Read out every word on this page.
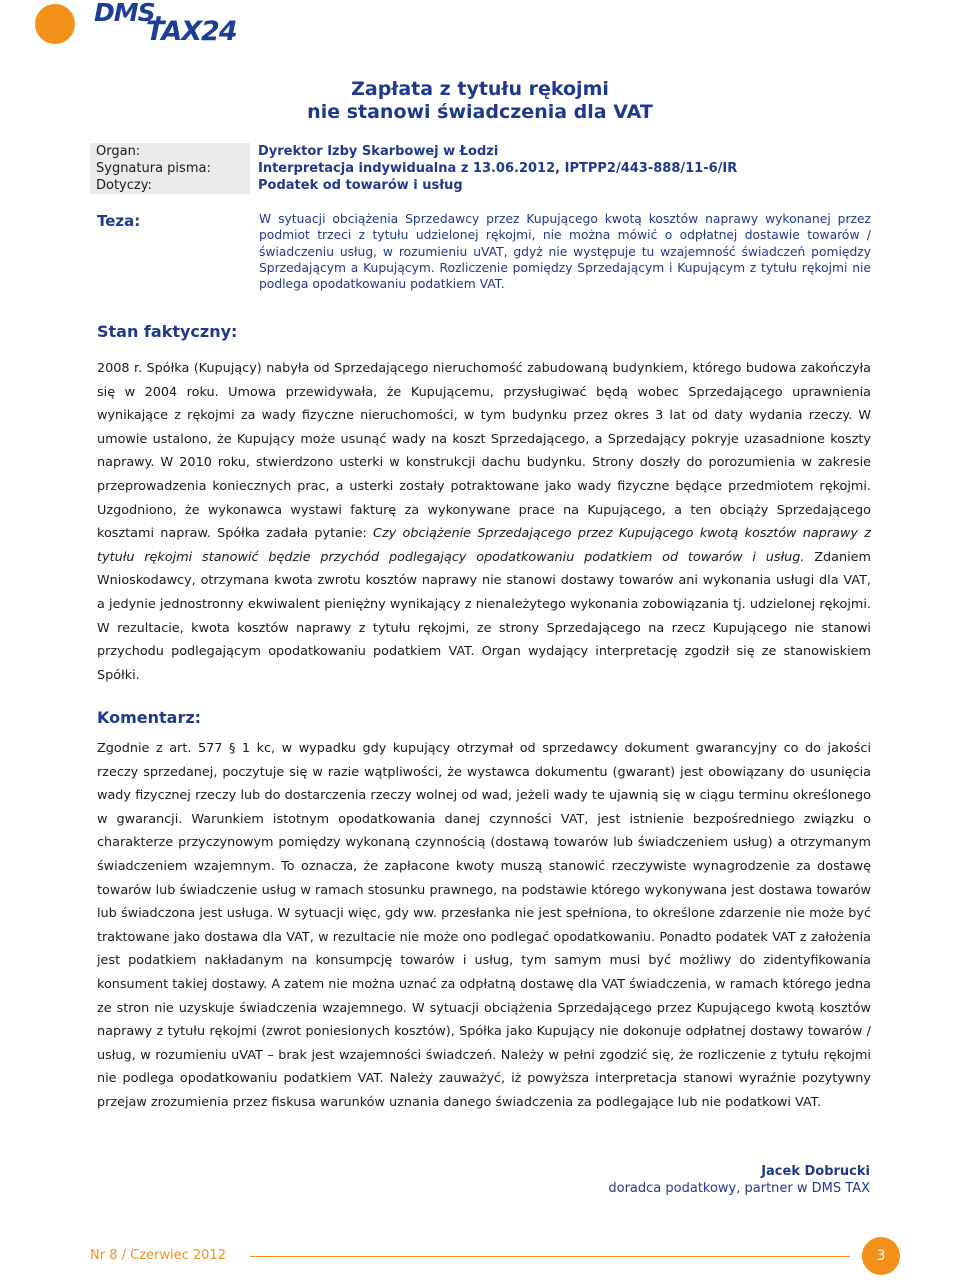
DMS.
TAX24
Zapłata z tytułu rękojmi
nie stanowi świadczenia dla VAT
Organ:	Dyrektor Izby Skarbowej w Łodzi
Sygnatura pisma:	Interpretacja indywidualna z 13.06.2012, IPTPP2/443-888/11-6/IR
Dotyczy:	Podatek od towarów i usług
Teza:	W sytuacji obciążenia Sprzedawcy przez Kupującego kwotą kosztów naprawy wykonanej przez podmiot trzeci z tytułu udzielonej rękojmi, nie można mówić o odpłatnej dostawie towarów / świadczeniu usług, w rozumieniu uVAT, gdyż nie występuje tu wzajemność świadczeń pomiędzy Sprzedającym a Kupującym. Rozliczenie pomiędzy Sprzedającym i Kupującym z tytułu rękojmi nie podlega opodatkowaniu podatkiem VAT.
Stan faktyczny:
2008 r. Spółka (Kupujący) nabyła od Sprzedającego nieruchomość zabudowaną budynkiem, którego budowa zakończyła się w 2004 roku. Umowa przewidywała, że Kupującemu, przysługiwać będą wobec Sprzedającego uprawnienia wynikające z rękojmi za wady fizyczne nieruchomości, w tym budynku przez okres 3 lat od daty wydania rzeczy. W umowie ustalono, że Kupujący może usunąć wady na koszt Sprzedającego, a Sprzedający pokryje uzasadnione koszty naprawy. W 2010 roku, stwierdzono usterki w konstrukcji dachu budynku. Strony doszły do porozumienia w zakresie przeprowadzenia koniecznych prac, a usterki zostały potraktowane jako wady fizyczne będące przedmiotem rękojmi. Uzgodniono, że wykonawca wystawi fakturę za wykonywane prace na Kupującego, a ten obciąży Sprzedającego kosztami napraw. Spółka zadała pytanie: Czy obciążenie Sprzedającego przez Kupującego kwotą kosztów naprawy z tytułu rękojmi stanowić będzie przychód podlegający opodatkowaniu podatkiem od towarów i usług. Zdaniem Wnioskodawcy, otrzymana kwota zwrotu kosztów naprawy nie stanowi dostawy towarów ani wykonania usługi dla VAT, a jedynie jednostronny ekwiwalent pieniężny wynikający z nienależytego wykonania zobowiązania tj. udzielonej rękojmi. W rezultacie, kwota kosztów naprawy z tytułu rękojmi, ze strony Sprzedającego na rzecz Kupującego nie stanowi przychodu podlegającym opodatkowaniu podatkiem VAT. Organ wydający interpretację zgodził się ze stanowiskiem Spółki.
Komentarz:
Zgodnie z art. 577 § 1 kc, w wypadku gdy kupujący otrzymał od sprzedawcy dokument gwarancyjny co do jakości rzeczy sprzedanej, poczytuje się w razie wątpliwości, że wystawca dokumentu (gwarant) jest obowiązany do usunięcia wady fizycznej rzeczy lub do dostarczenia rzeczy wolnej od wad, jeżeli wady te ujawnią się w ciągu terminu określonego w gwarancji. Warunkiem istotnym opodatkowania danej czynności VAT, jest istnienie bezpośredniego związku o charakterze przyczynowym pomiędzy wykonaną czynnością (dostawą towarów lub świadczeniem usług) a otrzymanym świadczeniem wzajemnym. To oznacza, że zapłacone kwoty muszą stanowić rzeczywiste wynagrodzenie za dostawę towarów lub świadczenie usług w ramach stosunku prawnego, na podstawie którego wykonywana jest dostawa towarów lub świadczona jest usługa. W sytuacji więc, gdy ww. przesłanka nie jest spełniona, to określone zdarzenie nie może być traktowane jako dostawa dla VAT, w rezultacie nie może ono podlegać opodatkowaniu. Ponadto podatek VAT z założenia jest podatkiem nakładanym na konsumpcję towarów i usług, tym samym musi być możliwy do zidentyfikowania konsument takiej dostawy. A zatem nie można uznać za odpłatną dostawę dla VAT świadczenia, w ramach którego jedna ze stron nie uzyskuje świadczenia wzajemnego. W sytuacji obciążenia Sprzedającego przez Kupującego kwotą kosztów naprawy z tytułu rękojmi (zwrot poniesionych kosztów), Spółka jako Kupujący nie dokonuje odpłatnej dostawy towarów / usług, w rozumieniu uVAT – brak jest wzajemności świadczeń. Należy w pełni zgodzić się, że rozliczenie z tytułu rękojmi nie podlega opodatkowaniu podatkiem VAT. Należy zauważyć, iż powyższa interpretacja stanowi wyraźnie pozytywny przejaw zrozumienia przez fiskusa warunków uznania danego świadczenia za podlegające lub nie podatkowi VAT.
Jacek Dobrucki
doradca podatkowy, partner w DMS TAX
Nr 8 / Czerwiec 2012	3
